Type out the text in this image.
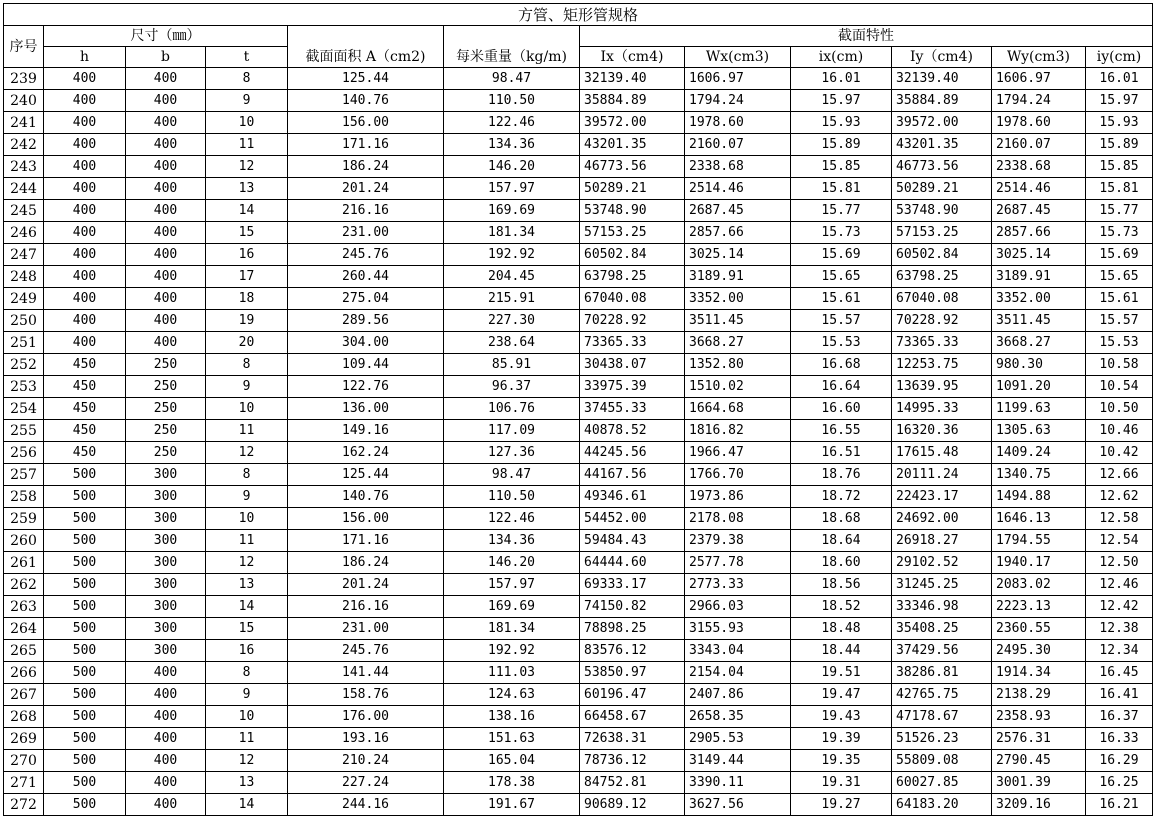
方管、矩形管规格											
序号	尺寸（㎜）					截面特性					
	h	b	t	截面面积 A（cm2)	每米重量（kg/m)	Ix（cm4)	Wx(cm3)	ix(cm)	Iy（cm4)	Wy(cm3)	iy(cm)
239	400	400	8	125.44	98.47	32139.40	1606.97	16.01	32139.40	1606.97	16.01
240	400	400	9	140.76	110.50	35884.89	1794.24	15.97	35884.89	1794.24	15.97
241	400	400	10	156.00	122.46	39572.00	1978.60	15.93	39572.00	1978.60	15.93
242	400	400	11	171.16	134.36	43201.35	2160.07	15.89	43201.35	2160.07	15.89
243	400	400	12	186.24	146.20	46773.56	2338.68	15.85	46773.56	2338.68	15.85
244	400	400	13	201.24	157.97	50289.21	2514.46	15.81	50289.21	2514.46	15.81
245	400	400	14	216.16	169.69	53748.90	2687.45	15.77	53748.90	2687.45	15.77
246	400	400	15	231.00	181.34	57153.25	2857.66	15.73	57153.25	2857.66	15.73
247	400	400	16	245.76	192.92	60502.84	3025.14	15.69	60502.84	3025.14	15.69
248	400	400	17	260.44	204.45	63798.25	3189.91	15.65	63798.25	3189.91	15.65
249	400	400	18	275.04	215.91	67040.08	3352.00	15.61	67040.08	3352.00	15.61
250	400	400	19	289.56	227.30	70228.92	3511.45	15.57	70228.92	3511.45	15.57
251	400	400	20	304.00	238.64	73365.33	3668.27	15.53	73365.33	3668.27	15.53
252	450	250	8	109.44	85.91	30438.07	1352.80	16.68	12253.75	980.30	10.58
253	450	250	9	122.76	96.37	33975.39	1510.02	16.64	13639.95	1091.20	10.54
254	450	250	10	136.00	106.76	37455.33	1664.68	16.60	14995.33	1199.63	10.50
255	450	250	11	149.16	117.09	40878.52	1816.82	16.55	16320.36	1305.63	10.46
256	450	250	12	162.24	127.36	44245.56	1966.47	16.51	17615.48	1409.24	10.42
257	500	300	8	125.44	98.47	44167.56	1766.70	18.76	20111.24	1340.75	12.66
258	500	300	9	140.76	110.50	49346.61	1973.86	18.72	22423.17	1494.88	12.62
259	500	300	10	156.00	122.46	54452.00	2178.08	18.68	24692.00	1646.13	12.58
260	500	300	11	171.16	134.36	59484.43	2379.38	18.64	26918.27	1794.55	12.54
261	500	300	12	186.24	146.20	64444.60	2577.78	18.60	29102.52	1940.17	12.50
262	500	300	13	201.24	157.97	69333.17	2773.33	18.56	31245.25	2083.02	12.46
263	500	300	14	216.16	169.69	74150.82	2966.03	18.52	33346.98	2223.13	12.42
264	500	300	15	231.00	181.34	78898.25	3155.93	18.48	35408.25	2360.55	12.38
265	500	300	16	245.76	192.92	83576.12	3343.04	18.44	37429.56	2495.30	12.34
266	500	400	8	141.44	111.03	53850.97	2154.04	19.51	38286.81	1914.34	16.45
267	500	400	9	158.76	124.63	60196.47	2407.86	19.47	42765.75	2138.29	16.41
268	500	400	10	176.00	138.16	66458.67	2658.35	19.43	47178.67	2358.93	16.37
269	500	400	11	193.16	151.63	72638.31	2905.53	19.39	51526.23	2576.31	16.33
270	500	400	12	210.24	165.04	78736.12	3149.44	19.35	55809.08	2790.45	16.29
271	500	400	13	227.24	178.38	84752.81	3390.11	19.31	60027.85	3001.39	16.25
272	500	400	14	244.16	191.67	90689.12	3627.56	19.27	64183.20	3209.16	16.21
